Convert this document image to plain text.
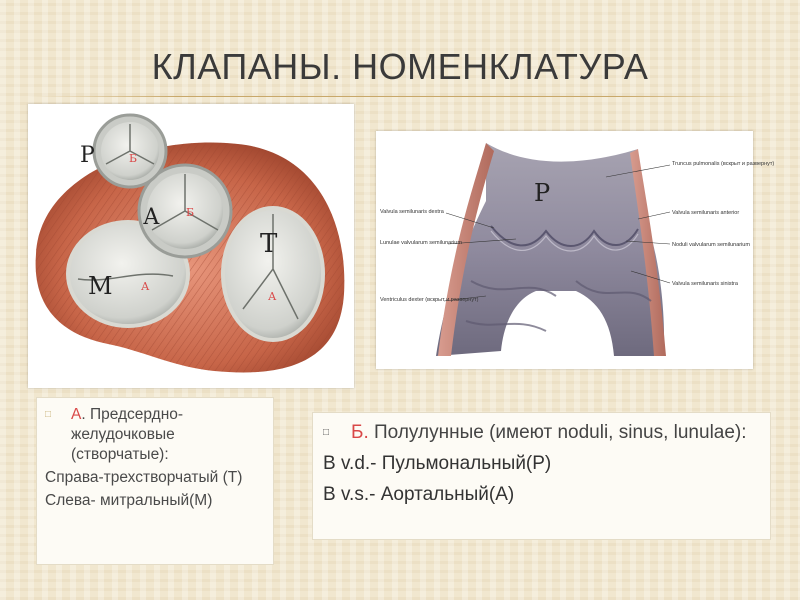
КЛАПАНЫ. НОМЕНКЛАТУРА
Р
А
М
Т
Б
Б
А
А
Р
Truncus pulmonalis (вскрыт и развернут)
Valvula semilunaris dextra	Valvula semilunaris anterior
Lunulae valvularum semilunarium	Noduli valvularum semilunarium
Valvula semilunaris sinistra
Ventriculus dexter (вскрыт и развернут)
□	А. Предсердно-желудочковые (створчатые):
Справа-трехстворчатый (Т)
Слева- митральный(М)
□	Б. Полулунные (имеют noduli, sinus, lunulae):
В v.d.- Пульмональный(Р)
В v.s.- Аортальный(А)
